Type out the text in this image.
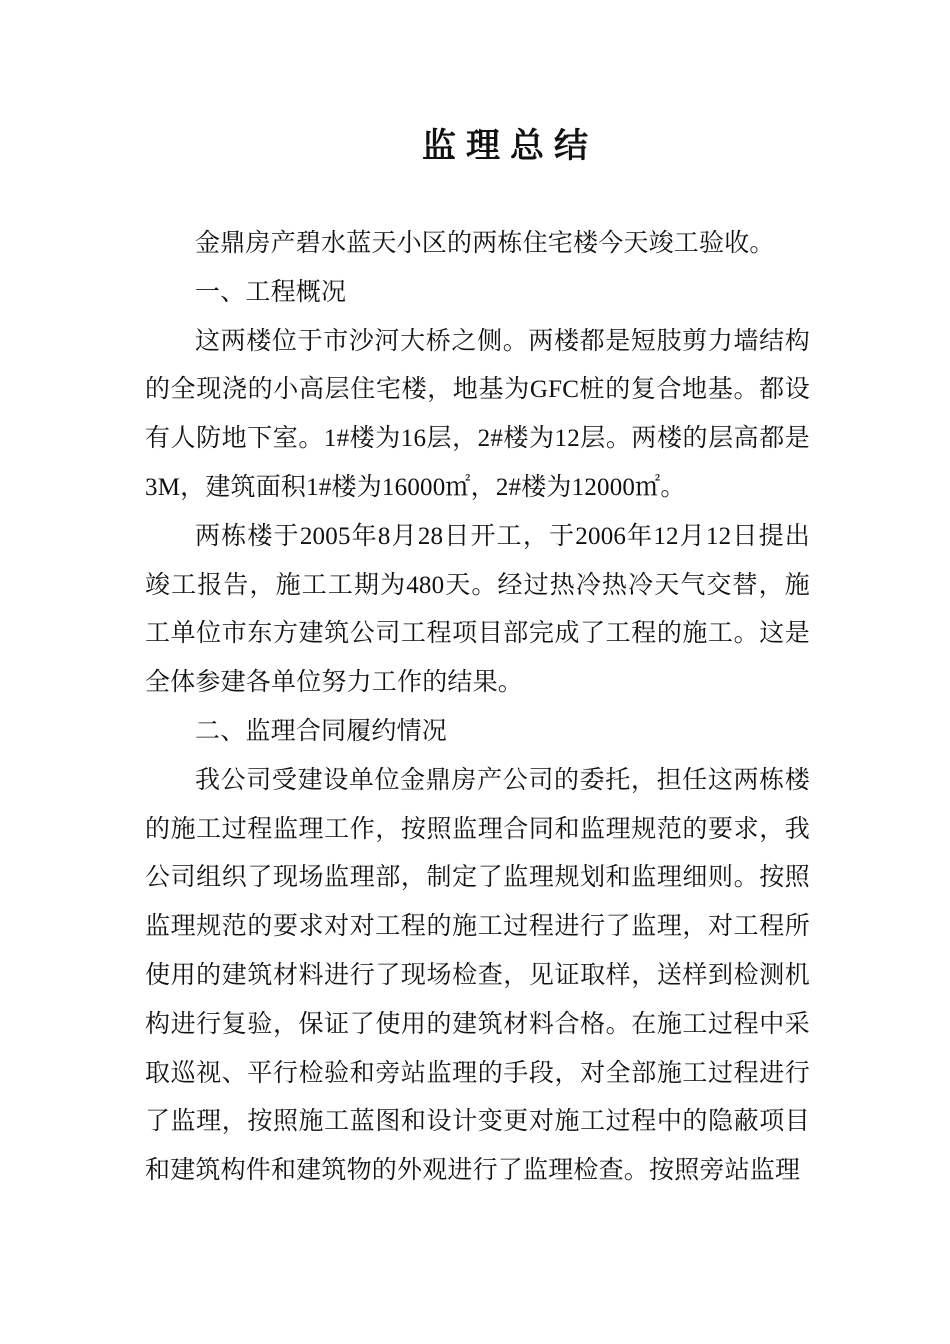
监理总结

金鼎房产碧水蓝天小区的两栋住宅楼今天竣工验收。

一、工程概况

这两楼位于市沙河大桥之侧。两楼都是短肢剪力墙结构的全现浇的小高层住宅楼，地基为GFC桩的复合地基。都设有人防地下室。1#楼为16层，2#楼为12层。两楼的层高都是3M，建筑面积1#楼为16000㎡，2#楼为12000㎡。

两栋楼于2005年8月28日开工，于2006年12月12日提出竣工报告，施工工期为480天。经过热冷热冷天气交替，施工单位市东方建筑公司工程项目部完成了工程的施工。这是全体参建各单位努力工作的结果。

二、监理合同履约情况

我公司受建设单位金鼎房产公司的委托，担任这两栋楼的施工过程监理工作，按照监理合同和监理规范的要求，我公司组织了现场监理部，制定了监理规划和监理细则。按照监理规范的要求对对工程的施工过程进行了监理，对工程所使用的建筑材料进行了现场检查，见证取样，送样到检测机构进行复验，保证了使用的建筑材料合格。在施工过程中采取巡视、平行检验和旁站监理的手段，对全部施工过程进行了监理，按照施工蓝图和设计变更对施工过程中的隐蔽项目和建筑构件和建筑物的外观进行了监理检查。按照旁站监理
